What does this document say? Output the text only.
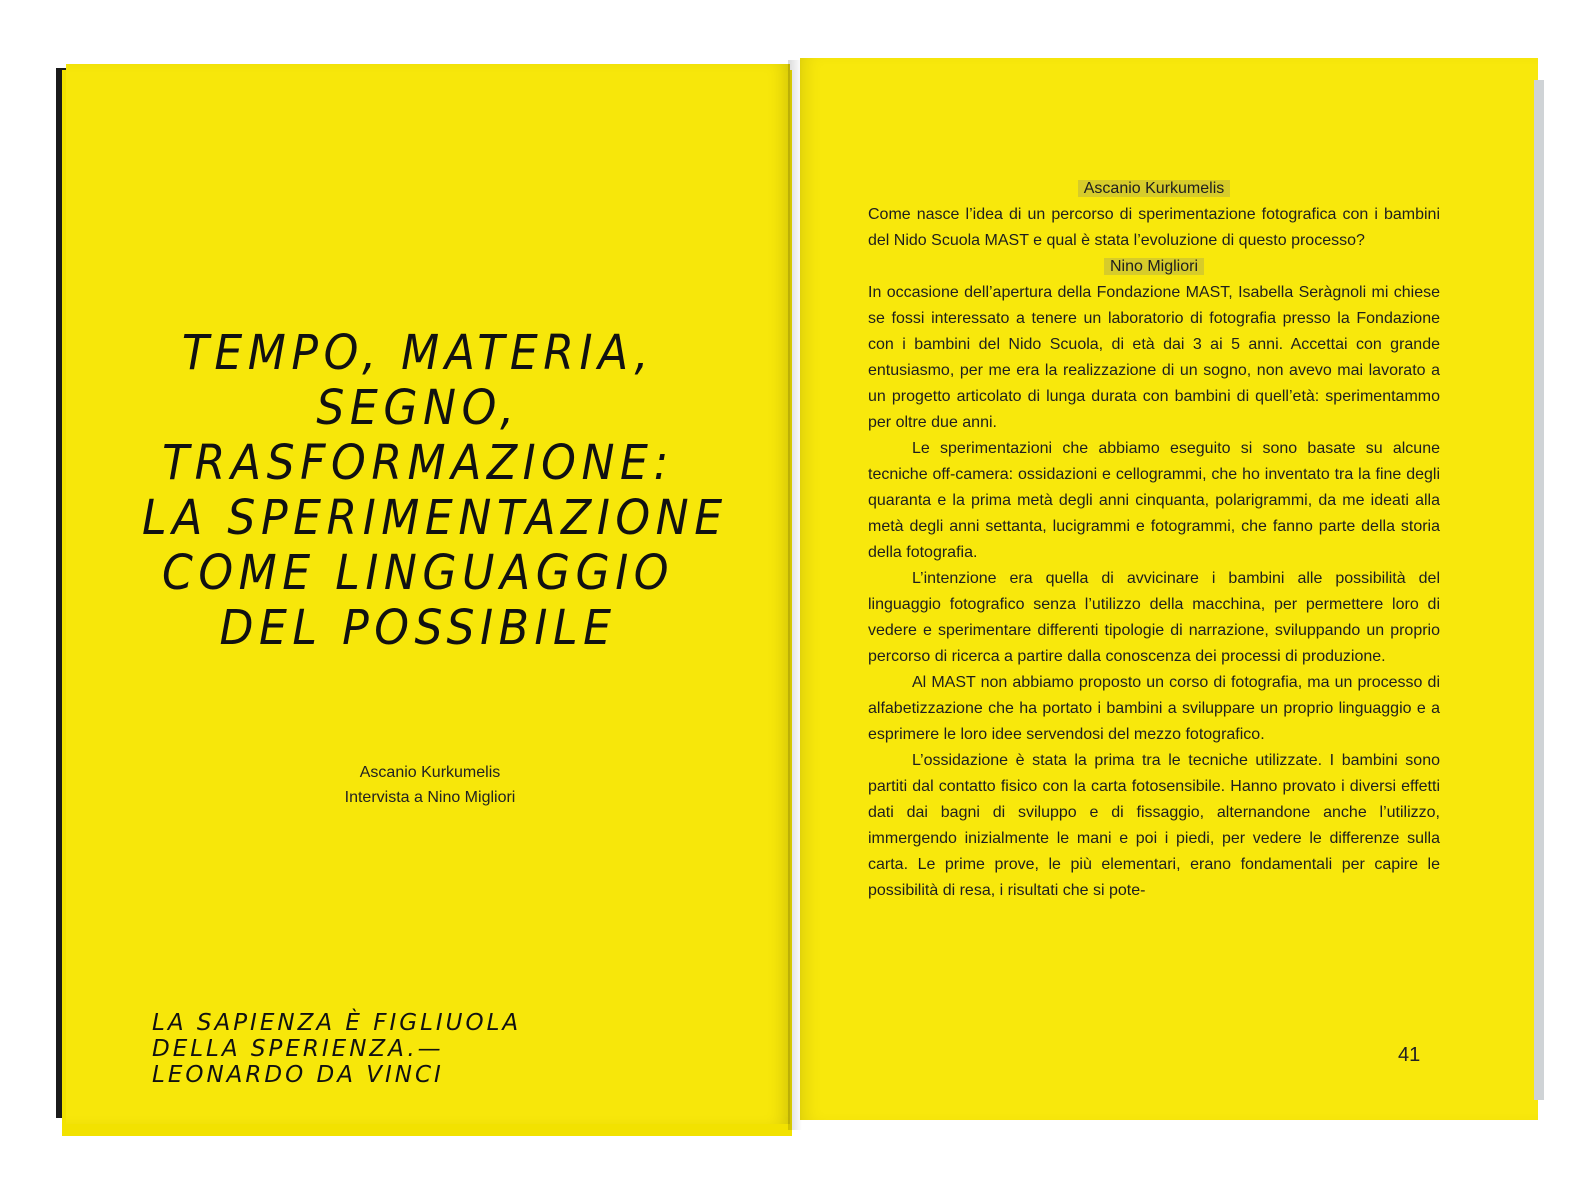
TEMPO, MATERIA,
SEGNO,
TRASFORMAZIONE:
LA SPERIMENTAZIONE
COME LINGUAGGIO
DEL POSSIBILE
Ascanio Kurkumelis
Intervista a Nino Migliori
LA SAPIENZA È FIGLIUOLA
DELLA SPERIENZA.—
LEONARDO DA VINCI
Ascanio Kurkumelis

Come nasce l’idea di un percorso di sperimentazione fotografica con i bambini del Nido Scuola MAST e qual è stata l’evoluzione di questo processo?

Nino Migliori

In occasione dell’apertura della Fondazione MAST, Isabella Seràgnoli mi chiese se fossi interessato a tenere un laboratorio di fotografia presso la Fondazione con i bambini del Nido Scuola, di età dai 3 ai 5 anni. Accettai con grande entusiasmo, per me era la realizzazione di un sogno, non avevo mai lavorato a un progetto articolato di lunga durata con bambini di quell’età: sperimentammo per oltre due anni.

Le sperimentazioni che abbiamo eseguito si sono basate su alcune tecniche off-camera: ossidazioni e cellogrammi, che ho inventato tra la fine degli quaranta e la prima metà degli anni cinquanta, polarigrammi, da me ideati alla metà degli anni settanta, lucigrammi e fotogrammi, che fanno parte della storia della fotografia.

L’intenzione era quella di avvicinare i bambini alle possibilità del linguaggio fotografico senza l’utilizzo della macchina, per permettere loro di vedere e sperimentare differenti tipologie di narrazione, sviluppando un proprio percorso di ricerca a partire dalla conoscenza dei processi di produzione.

Al MAST non abbiamo proposto un corso di fotografia, ma un processo di alfabetizzazione che ha portato i bambini a sviluppare un proprio linguaggio e a esprimere le loro idee servendosi del mezzo fotografico.

L’ossidazione è stata la prima tra le tecniche utilizzate. I bambini sono partiti dal contatto fisico con la carta fotosensibile. Hanno provato i diversi effetti dati dai bagni di sviluppo e di fissaggio, alternandone anche l’utilizzo, immergendo inizialmente le mani e poi i piedi, per vedere le differenze sulla carta. Le prime prove, le più elementari, erano fondamentali per capire le possibilità di resa, i risultati che si pote-

41
